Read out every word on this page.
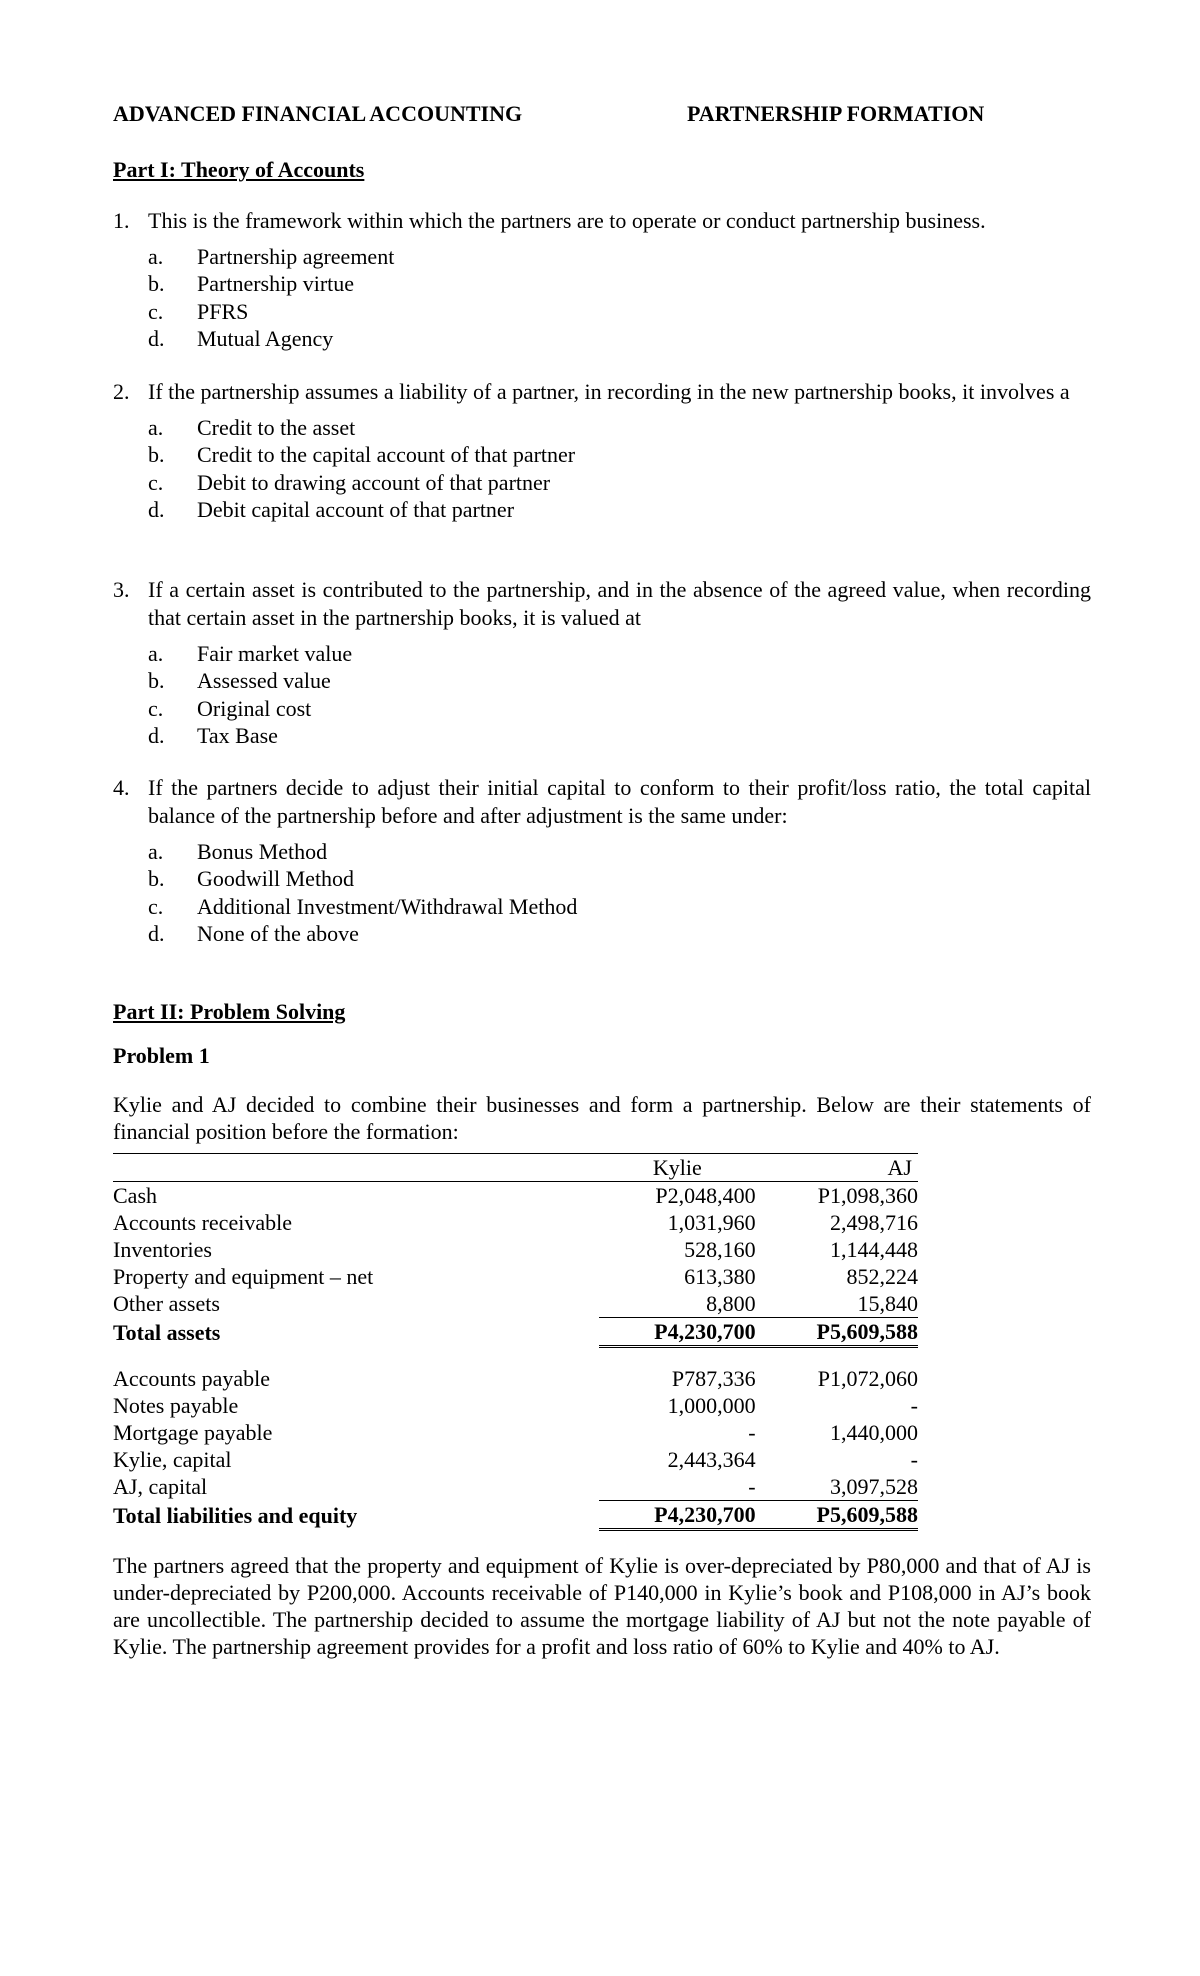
ADVANCED FINANCIAL ACCOUNTING	PARTNERSHIP FORMATION
Part I: Theory of Accounts
1. This is the framework within which the partners are to operate or conduct partnership business.
a.	Partnership agreement
b.	Partnership virtue
c.	PFRS
d.	Mutual Agency
2. If the partnership assumes a liability of a partner, in recording in the new partnership books, it involves a
a.	Credit to the asset
b.	Credit to the capital account of that partner
c.	Debit to drawing account of that partner
d.	Debit capital account of that partner
3. If a certain asset is contributed to the partnership, and in the absence of the agreed value, when recording that certain asset in the partnership books, it is valued at
a.	Fair market value
b.	Assessed value
c.	Original cost
d.	Tax Base
4. If the partners decide to adjust their initial capital to conform to their profit/loss ratio, the total capital balance of the partnership before and after adjustment is the same under:
a.	Bonus Method
b.	Goodwill Method
c.	Additional Investment/Withdrawal Method
d.	None of the above
Part II: Problem Solving
Problem 1
Kylie and AJ decided to combine their businesses and form a partnership. Below are their statements of financial position before the formation:
	Kylie	AJ
Cash	P2,048,400	P1,098,360
Accounts receivable	1,031,960	2,498,716
Inventories	528,160	1,144,448
Property and equipment – net	613,380	852,224
Other assets	8,800	15,840
Total assets	P4,230,700	P5,609,588

Accounts payable	P787,336	P1,072,060
Notes payable	1,000,000	-
Mortgage payable	-	1,440,000
Kylie, capital	2,443,364	-
AJ, capital	-	3,097,528
Total liabilities and equity	P4,230,700	P5,609,588
The partners agreed that the property and equipment of Kylie is over-depreciated by P80,000 and that of AJ is under-depreciated by P200,000. Accounts receivable of P140,000 in Kylie’s book and P108,000 in AJ’s book are uncollectible. The partnership decided to assume the mortgage liability of AJ but not the note payable of Kylie. The partnership agreement provides for a profit and loss ratio of 60% to Kylie and 40% to AJ.
